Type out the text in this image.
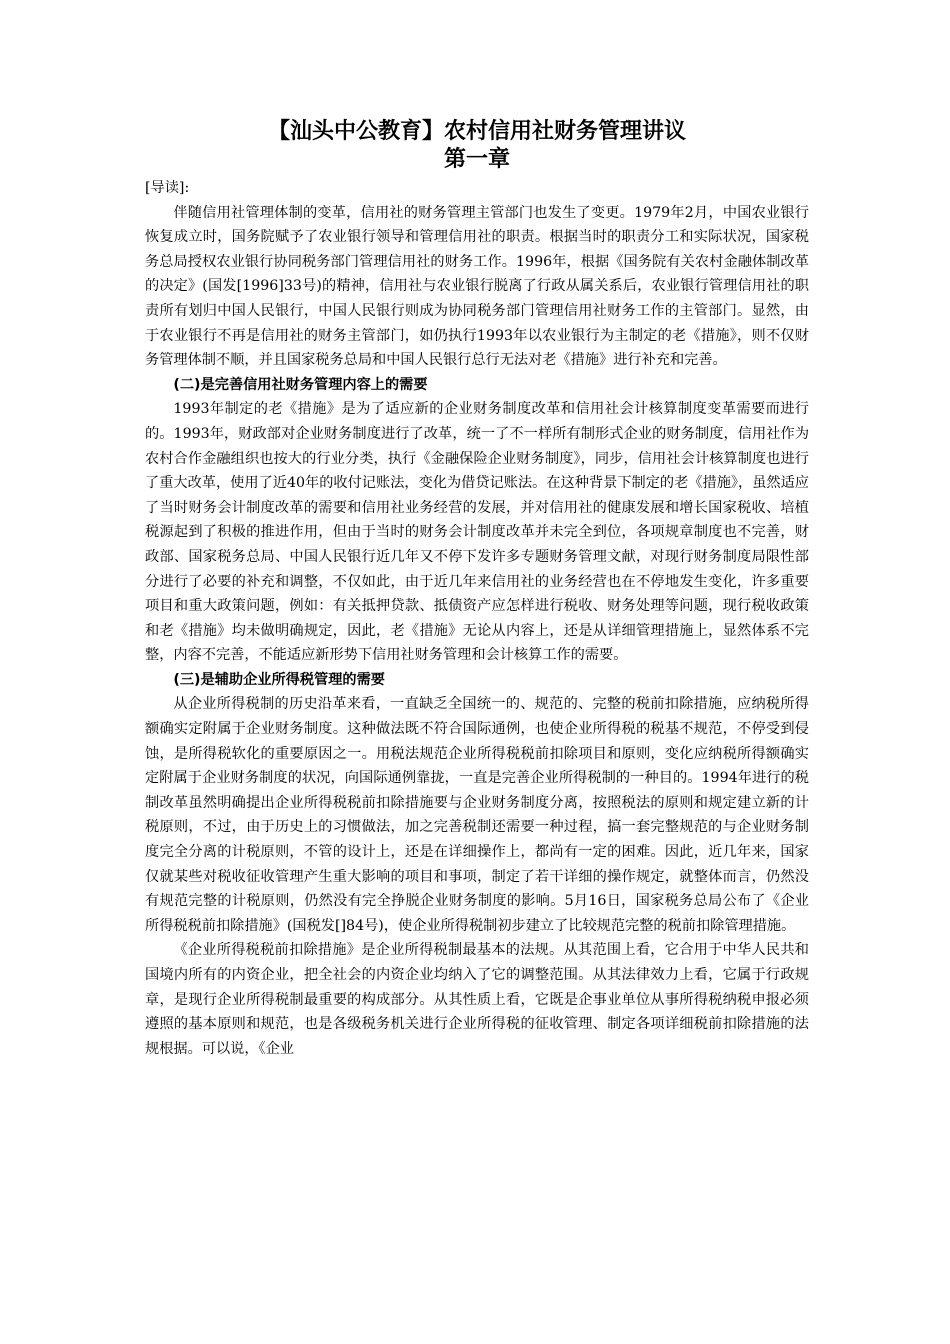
【汕头中公教育】农村信用社财务管理讲议
第一章

[导读]:

伴随信用社管理体制的变革，信用社的财务管理主管部门也发生了变更。1979年2月，中国农业银行恢复成立时，国务院赋予了农业银行领导和管理信用社的职责。根据当时的职责分工和实际状况，国家税务总局授权农业银行协同税务部门管理信用社的财务工作。1996年，根据《国务院有关农村金融体制改革的决定》(国发[1996]33号)的精神，信用社与农业银行脱离了行政从属关系后，农业银行管理信用社的职责所有划归中国人民银行，中国人民银行则成为协同税务部门管理信用社财务工作的主管部门。显然，由于农业银行不再是信用社的财务主管部门，如仍执行1993年以农业银行为主制定的老《措施》，则不仅财务管理体制不顺，并且国家税务总局和中国人民银行总行无法对老《措施》进行补充和完善。

(二)是完善信用社财务管理内容上的需要

1993年制定的老《措施》是为了适应新的企业财务制度改革和信用社会计核算制度变革需要而进行的。1993年，财政部对企业财务制度进行了改革，统一了不一样所有制形式企业的财务制度，信用社作为农村合作金融组织也按大的行业分类，执行《金融保险企业财务制度》，同步，信用社会计核算制度也进行了重大改革，使用了近40年的收付记账法，变化为借贷记账法。在这种背景下制定的老《措施》，虽然适应了当时财务会计制度改革的需要和信用社业务经营的发展，并对信用社的健康发展和增长国家税收、培植税源起到了积极的推进作用，但由于当时的财务会计制度改革并未完全到位，各项规章制度也不完善，财政部、国家税务总局、中国人民银行近几年又不停下发许多专题财务管理文献，对现行财务制度局限性部分进行了必要的补充和调整，不仅如此，由于近几年来信用社的业务经营也在不停地发生变化，许多重要项目和重大政策问题，例如：有关抵押贷款、抵债资产应怎样进行税收、财务处理等问题，现行税收政策和老《措施》均未做明确规定，因此，老《措施》无论从内容上，还是从详细管理措施上，显然体系不完整，内容不完善，不能适应新形势下信用社财务管理和会计核算工作的需要。

(三)是辅助企业所得税管理的需要

从企业所得税制的历史沿革来看，一直缺乏全国统一的、规范的、完整的税前扣除措施，应纳税所得额确实定附属于企业财务制度。这种做法既不符合国际通例，也使企业所得税的税基不规范，不停受到侵蚀，是所得税软化的重要原因之一。用税法规范企业所得税税前扣除项目和原则，变化应纳税所得额确实定附属于企业财务制度的状况，向国际通例靠拢，一直是完善企业所得税制的一种目的。1994年进行的税制改革虽然明确提出企业所得税税前扣除措施要与企业财务制度分离，按照税法的原则和规定建立新的计税原则，不过，由于历史上的习惯做法，加之完善税制还需要一种过程，搞一套完整规范的与企业财务制度完全分离的计税原则，不管的设计上，还是在详细操作上，都尚有一定的困难。因此，近几年来，国家仅就某些对税收征收管理产生重大影响的项目和事项，制定了若干详细的操作规定，就整体而言，仍然没有规范完整的计税原则，仍然没有完全挣脱企业财务制度的影响。5月16日，国家税务总局公布了《企业所得税税前扣除措施》(国税发[]84号)，使企业所得税制初步建立了比较规范完整的税前扣除管理措施。

《企业所得税税前扣除措施》是企业所得税制最基本的法规。从其范围上看，它合用于中华人民共和国境内所有的内资企业，把全社会的内资企业均纳入了它的调整范围。从其法律效力上看，它属于行政规章，是现行企业所得税制最重要的构成部分。从其性质上看，它既是企事业单位从事所得税纳税申报必须遵照的基本原则和规范，也是各级税务机关进行企业所得税的征收管理、制定各项详细税前扣除措施的法规根据。可以说，《企业
